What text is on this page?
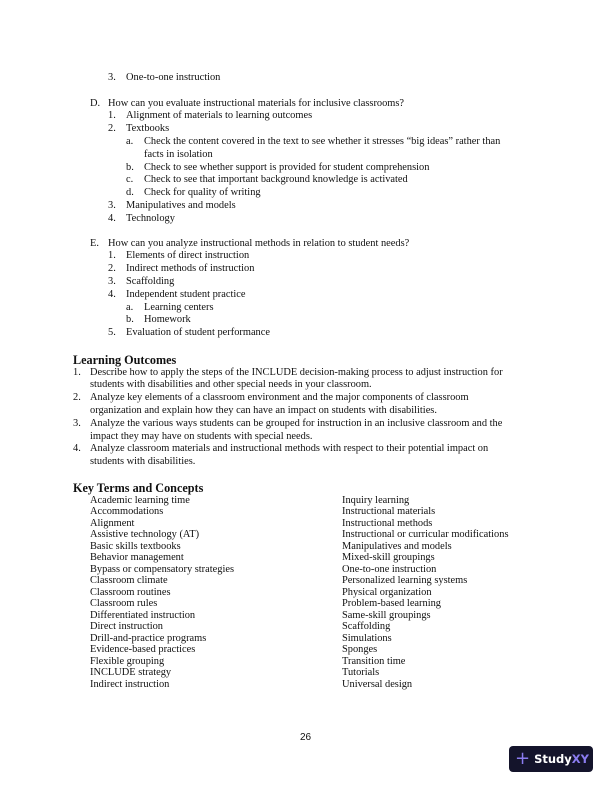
3. One-to-one instruction
D. How can you evaluate instructional materials for inclusive classrooms?
1. Alignment of materials to learning outcomes
2. Textbooks
a. Check the content covered in the text to see whether it stresses “big ideas” rather than
facts in isolation
b. Check to see whether support is provided for student comprehension
c. Check to see that important background knowledge is activated
d. Check for quality of writing
3. Manipulatives and models
4. Technology
E. How can you analyze instructional methods in relation to student needs?
1. Elements of direct instruction
2. Indirect methods of instruction
3. Scaffolding
4. Independent student practice
a. Learning centers
b. Homework
5. Evaluation of student performance
Learning Outcomes
1. Describe how to apply the steps of the INCLUDE decision-making process to adjust instruction for
students with disabilities and other special needs in your classroom.
2. Analyze key elements of a classroom environment and the major components of classroom
organization and explain how they can have an impact on students with disabilities.
3. Analyze the various ways students can be grouped for instruction in an inclusive classroom and the
impact they may have on students with special needs.
4. Analyze classroom materials and instructional methods with respect to their potential impact on
students with disabilities.
Key Terms and Concepts
Academic learning time
Accommodations
Alignment
Assistive technology (AT)
Basic skills textbooks
Behavior management
Bypass or compensatory strategies
Classroom climate
Classroom routines
Classroom rules
Differentiated instruction
Direct instruction
Drill-and-practice programs
Evidence-based practices
Flexible grouping
INCLUDE strategy
Indirect instruction
Inquiry learning
Instructional materials
Instructional methods
Instructional or curricular modifications
Manipulatives and models
Mixed-skill groupings
One-to-one instruction
Personalized learning systems
Physical organization
Problem-based learning
Same-skill groupings
Scaffolding
Simulations
Sponges
Transition time
Tutorials
Universal design
26
+ Study XY
